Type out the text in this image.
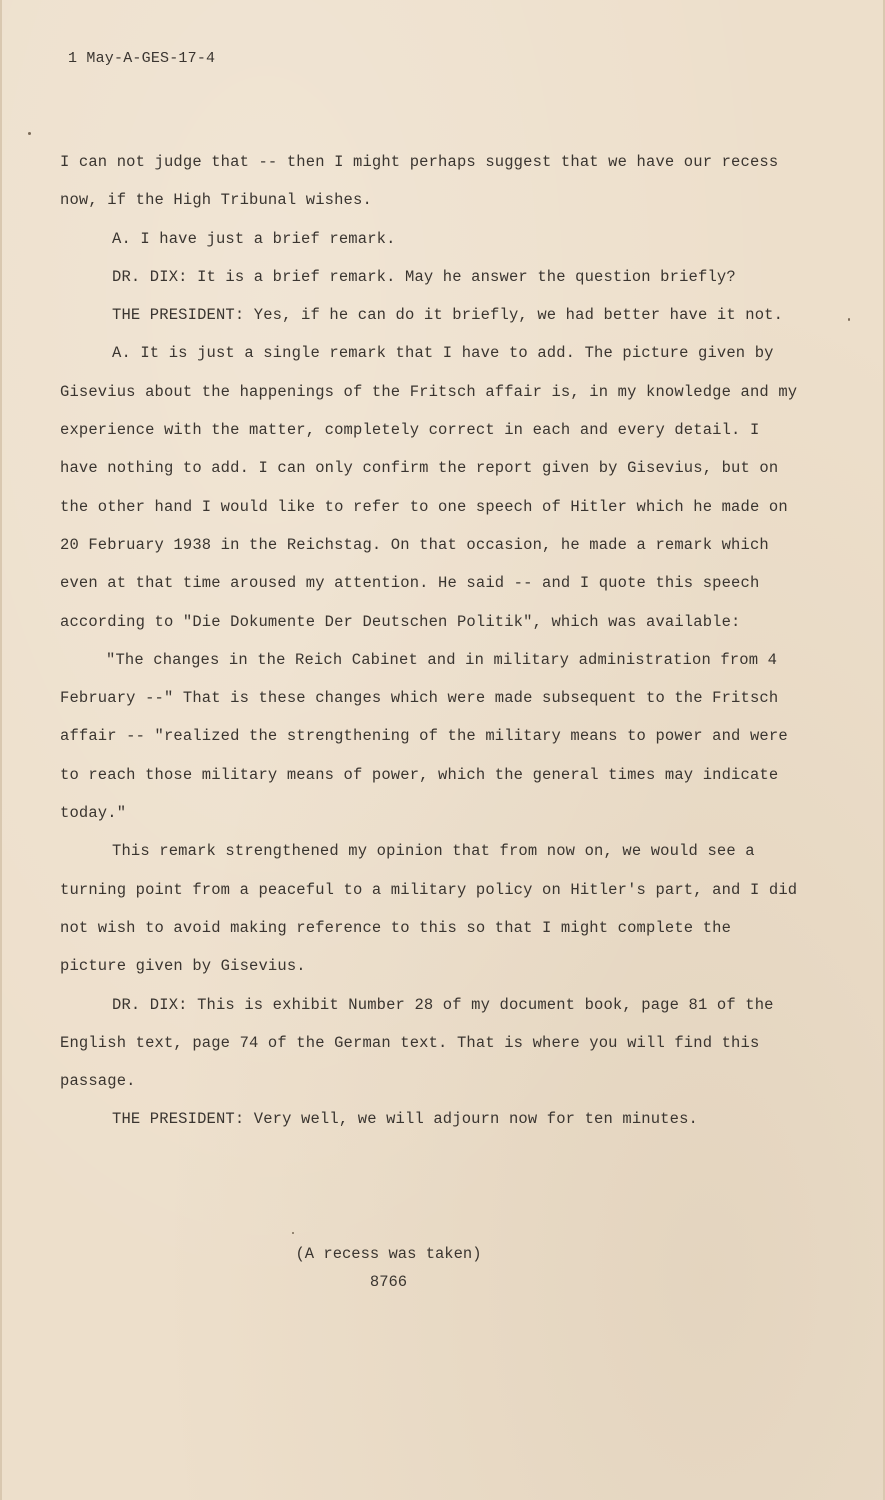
1 May-A-GES-17-4

I can not judge that -- then I might perhaps suggest that we have our recess now, if the High Tribunal wishes.

A. I have just a brief remark.

DR. DIX: It is a brief remark. May he answer the question briefly?

THE PRESIDENT: Yes, if he can do it briefly, we had better have it not.

A. It is just a single remark that I have to add. The picture given by Gisevius about the happenings of the Fritsch affair is, in my knowledge and my experience with the matter, completely correct in each and every detail. I have nothing to add. I can only confirm the report given by Gisevius, but on the other hand I would like to refer to one speech of Hitler which he made on 20 February 1938 in the Reichstag. On that occasion, he made a remark which even at that time aroused my attention. He said -- and I quote this speech according to "Die Dokumente Der Deutschen Politik", which was available:

"The changes in the Reich Cabinet and in military administration from 4 February --" That is these changes which were made subsequent to the Fritsch affair -- "realized the strengthening of the military means to power and were to reach those military means of power, which the general times may indicate today."

This remark strengthened my opinion that from now on, we would see a turning point from a peaceful to a military policy on Hitler's part, and I did not wish to avoid making reference to this so that I might complete the picture given by Gisevius.

DR. DIX: This is exhibit Number 28 of my document book, page 81 of the English text, page 74 of the German text. That is where you will find this passage.

THE PRESIDENT: Very well, we will adjourn now for ten minutes.

(A recess was taken)

8766
